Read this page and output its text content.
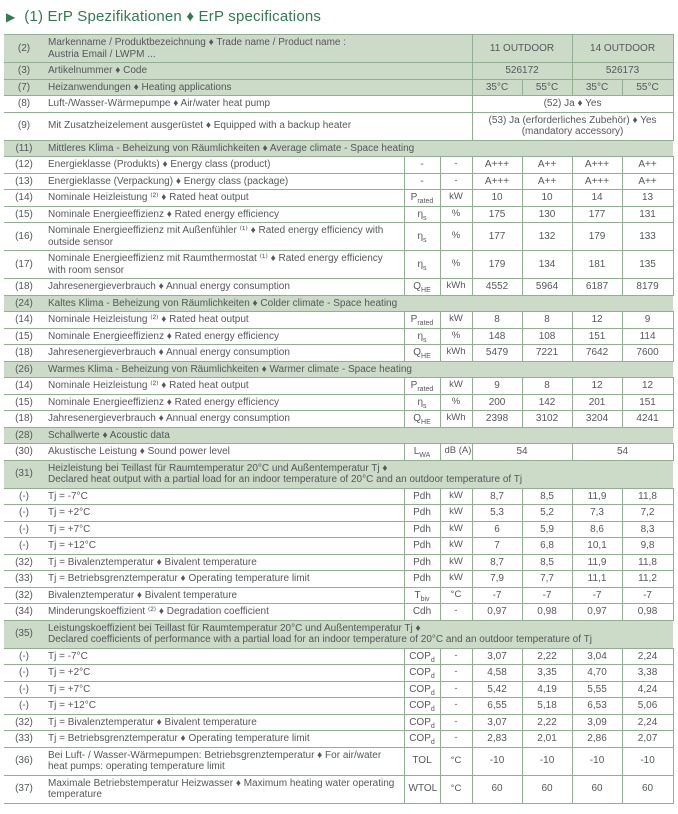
▶ (1) ErP Spezifikationen ♦ ErP specifications
(2)	Markenname / Produktbezeichnung ♦ Trade name / Product name :
Austria Email / LWPM ...			11 OUTDOOR		14 OUTDOOR	
(3)	Artikelnummer ♦ Code			526172		526173	
(7)	Heizanwendungen ♦ Heating applications			35°C	55°C	35°C	55°C
(8)	Luft-/Wasser-Wärmepumpe ♦ Air/water heat pump			(52) Ja ♦ Yes			
(9)	Mit Zusatzheizelement ausgerüstet ♦ Equipped with a backup heater			(53) Ja (erforderliches Zubehör) ♦ Yes (mandatory accessory)			
(11)	Mittleres Klima - Beheizung von Räumlichkeiten ♦ Average climate - Space heating						
(12)	Energieklasse (Produkts) ♦ Energy class (product)	-	-	A+++	A++	A+++	A++
(13)	Energieklasse (Verpackung) ♦ Energy class (package)	-	-	A+++	A++	A+++	A++
(14)	Nominale Heizleistung ⁽²⁾ ♦ Rated heat output	$P_{rated}$	kW	10	10	14	13
(15)	Nominale Energieeffizienz ♦ Rated energy efficiency	$\eta_s$	%	175	130	177	131
(16)	Nominale Energieeffizienz mit Außenfühler ⁽¹⁾ ♦ Rated energy efficiency with outside sensor	$\eta_s$	%	177	132	179	133
(17)	Nominale Energieeffizienz mit Raumthermostat ⁽¹⁾ ♦ Rated energy efficiency with room sensor	$\eta_s$	%	179	134	181	135
(18)	Jahresenergieverbrauch ♦ Annual energy consumption	$Q_{HE}$	kWh	4552	5964	6187	8179
(24)	Kaltes Klima - Beheizung von Räumlichkeiten ♦ Colder climate - Space heating						
(14)	Nominale Heizleistung ⁽²⁾ ♦ Rated heat output	$P_{rated}$	kW	8	8	12	9
(15)	Nominale Energieeffizienz ♦ Rated energy efficiency	$\eta_s$	%	148	108	151	114
(18)	Jahresenergieverbrauch ♦ Annual energy consumption	$Q_{HE}$	kWh	5479	7221	7642	7600
(26)	Warmes Klima - Beheizung von Räumlichkeiten ♦ Warmer climate - Space heating						
(14)	Nominale Heizleistung ⁽²⁾ ♦ Rated heat output	$P_{rated}$	kW	9	8	12	12
(15)	Nominale Energieeffizienz ♦ Rated energy efficiency	$\eta_s$	%	200	142	201	151
(18)	Jahresenergieverbrauch ♦ Annual energy consumption	$Q_{HE}$	kWh	2398	3102	3204	4241
(28)	Schallwerte ♦ Acoustic data						
(30)	Akustische Leistung ♦ Sound power level	$L_{WA}$	dB (A)	54		54	
(31)	Heizleistung bei Teillast für Raumtemperatur 20°C und Außentemperatur Tj ♦
Declared heat output with a partial load for an indoor temperature of 20°C and an outdoor temperature of Tj						
(-)	Tj = -7°C	Pdh	kW	8,7	8,5	11,9	11,8
(-)	Tj = +2°C	Pdh	kW	5,3	5,2	7,3	7,2
(-)	Tj = +7°C	Pdh	kW	6	5,9	8,6	8,3
(-)	Tj = +12°C	Pdh	kW	7	6,8	10,1	9,8
(32)	Tj = Bivalenztemperatur ♦ Bivalent temperature	Pdh	kW	8,7	8,5	11,9	11,8
(33)	Tj = Betriebsgrenztemperatur ♦ Operating temperature limit	Pdh	kW	7,9	7,7	11,1	11,2
(32)	Bivalenztemperatur ♦ Bivalent temperature	$T_{biv}$	°C	-7	-7	-7	-7
(34)	Minderungskoeffizient ⁽²⁾ ♦ Degradation coefficient	Cdh	-	0,97	0,98	0,97	0,98
(35)	Leistungskoeffizient bei Teillast für Raumtemperatur 20°C und Außentemperatur Tj ♦
Declared coefficients of performance with a partial load for an indoor temperature of 20°C and an outdoor temperature of Tj						
(-)	Tj = -7°C	$COP_d$	-	3,07	2,22	3,04	2,24
(-)	Tj = +2°C	$COP_d$	-	4,58	3,35	4,70	3,38
(-)	Tj = +7°C	$COP_d$	-	5,42	4,19	5,55	4,24
(-)	Tj = +12°C	$COP_d$	-	6,55	5,18	6,53	5,06
(32)	Tj = Bivalenztemperatur ♦ Bivalent temperature	$COP_d$	-	3,07	2,22	3,09	2,24
(33)	Tj = Betriebsgrenztemperatur ♦ Operating temperature limit	$COP_d$	-	2,83	2,01	2,86	2,07
(36)	Bei Luft- / Wasser-Wärmepumpen: Betriebsgrenztemperatur ♦ For air/water heat pumps: operating temperature limit	TOL	°C	-10	-10	-10	-10
(37)	Maximale Betriebstemperatur Heizwasser ♦ Maximum heating water operating temperature	WTOL	°C	60	60	60	60
